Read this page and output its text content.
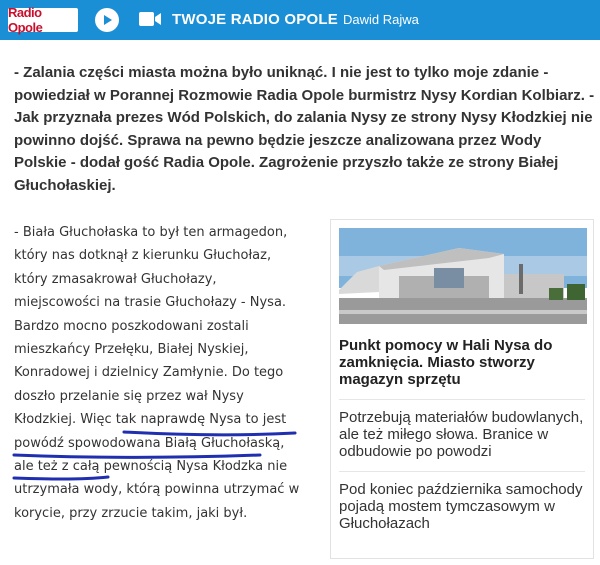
Radio Opole	TWOJE RADIO OPOLE Dawid Rajwa
- Zalania części miasta można było uniknąć. I nie jest to tylko moje zdanie - powiedział w Porannej Rozmowie Radia Opole burmistrz Nysy Kordian Kolbiarz. - Jak przyznała prezes Wód Polskich, do zalania Nysy ze strony Nysy Kłodzkiej nie powinno dojść. Sprawa na pewno będzie jeszcze analizowana przez Wody Polskie - dodał gość Radia Opole. Zagrożenie przyszło także ze strony Białej Głuchołaskiej.
- Biała Głuchołaska to był ten armagedon, który nas dotknął z kierunku Głuchołaz, który zmasakrował Głuchołazy, miejscowości na trasie Głuchołazy - Nysa. Bardzo mocno poszkodowani zostali mieszkańcy Przełęku, Białej Nyskiej, Konradowej i dzielnicy Zamłynie. Do tego doszło przelanie się przez wał Nysy Kłodzkiej. Więc tak naprawdę Nysa to jest powódź spowodowana Białą Głuchołaską, ale też z całą pewnością Nysa Kłodzka nie utrzymała wody, którą powinna utrzymać w korycie, przy zrzucie takim, jaki był.
Punkt pomocy w Hali Nysa do zamknięcia. Miasto stworzy magazyn sprzętu
Potrzebują materiałów budowlanych, ale też miłego słowa. Branice w odbudowie po powodzi
Pod koniec października samochody pojadą mostem tymczasowym w Głuchołazach
